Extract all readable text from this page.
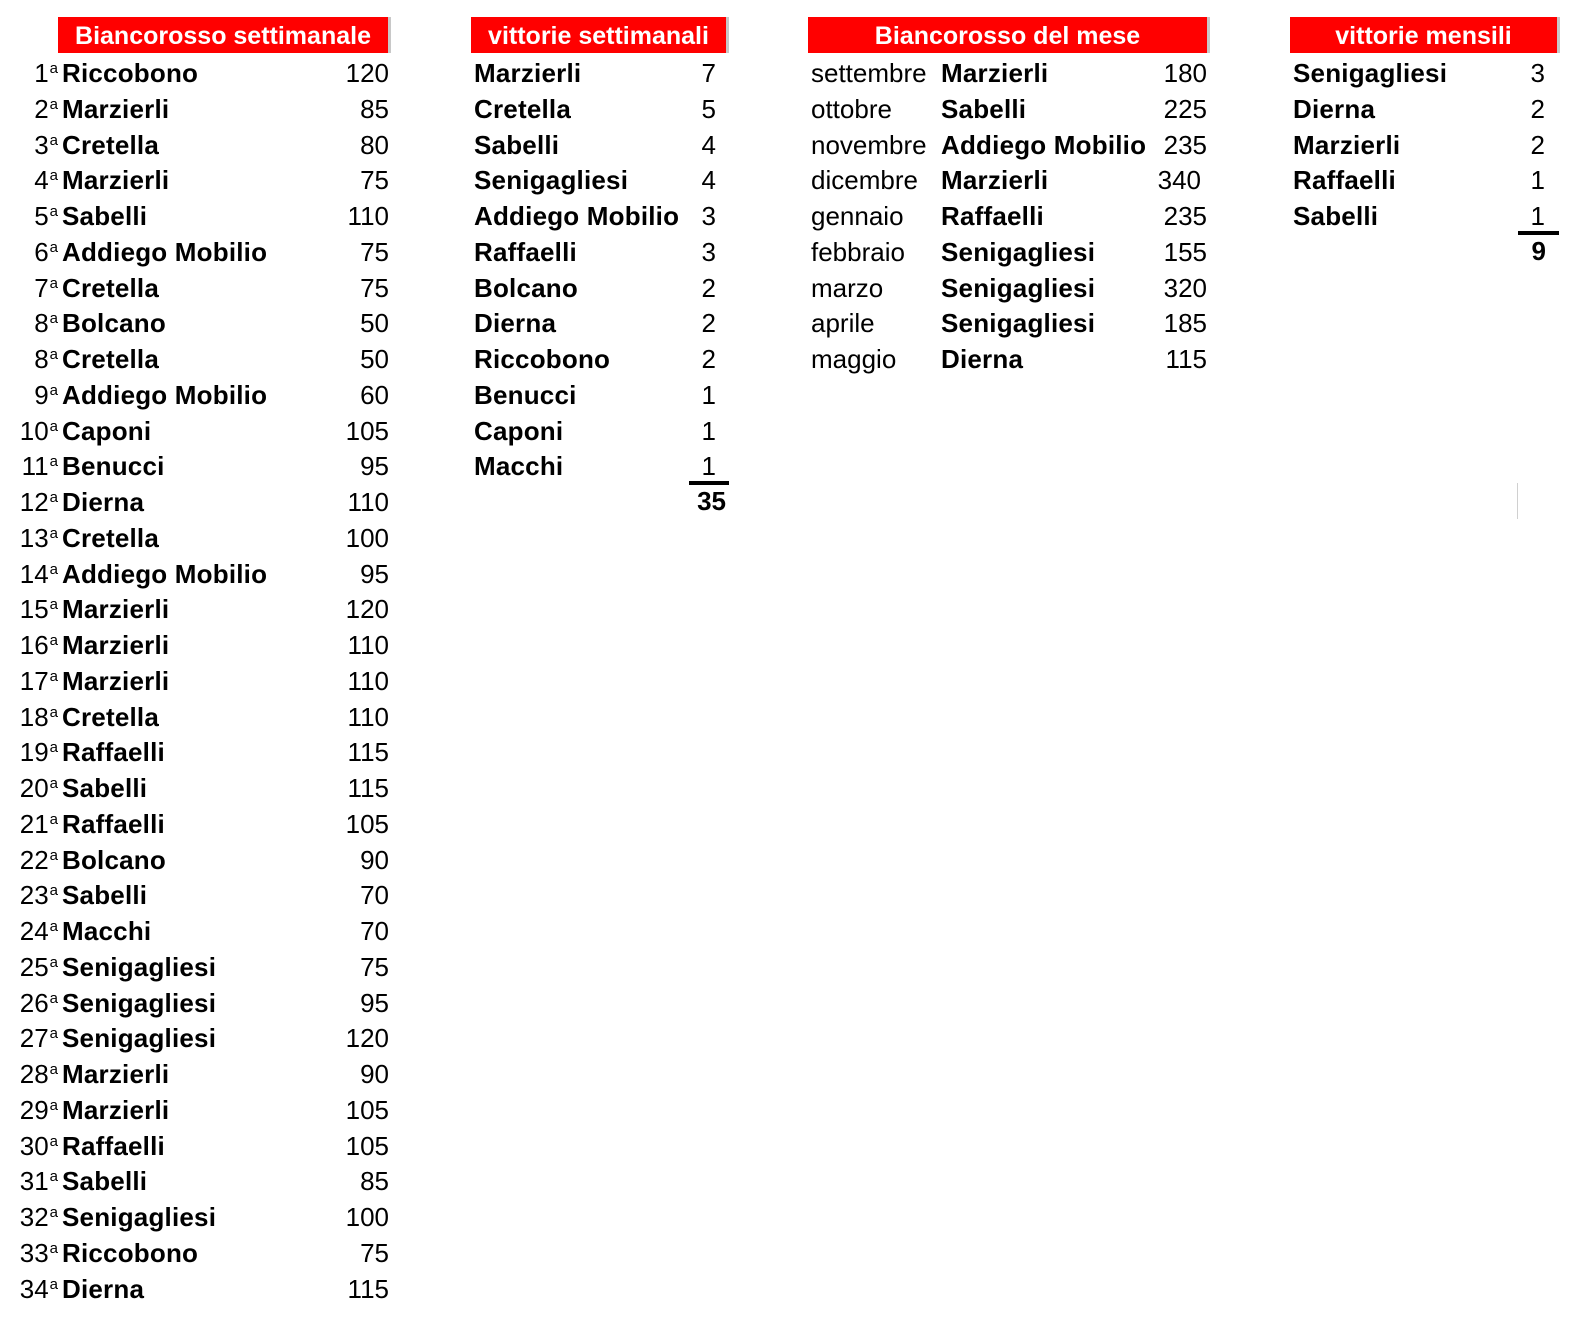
Biancorosso settimanale	vittorie settimanali	Biancorosso del mese	vittorie mensili
1$^a$ Riccobono	120
2$^a$ Marzierli	85
3$^a$ Cretella	80
4$^a$ Marzierli	75
5$^a$ Sabelli	110
6$^a$ Addiego Mobilio	75
7$^a$ Cretella	75
8$^a$ Bolcano	50
8$^a$ Cretella	50
9$^a$ Addiego Mobilio	60
10$^a$ Caponi	105
11$^a$ Benucci	95
12$^a$ Dierna	110
13$^a$ Cretella	100
14$^a$ Addiego Mobilio	95
15$^a$ Marzierli	120
16$^a$ Marzierli	110
17$^a$ Marzierli	110
18$^a$ Cretella	110
19$^a$ Raffaelli	115
20$^a$ Sabelli	115
21$^a$ Raffaelli	105
22$^a$ Bolcano	90
23$^a$ Sabelli	70
24$^a$ Macchi	70
25$^a$ Senigagliesi	75
26$^a$ Senigagliesi	95
27$^a$ Senigagliesi	120
28$^a$ Marzierli	90
29$^a$ Marzierli	105
30$^a$ Raffaelli	105
31$^a$ Sabelli	85
32$^a$ Senigagliesi	100
33$^a$ Riccobono	75
34$^a$ Dierna	115
Marzierli	7
Cretella	5
Sabelli	4
Senigagliesi	4
Addiego Mobilio 3
Raffaelli	3
Bolcano	2
Dierna	2
Riccobono	2
Benucci	1
Caponi	1
Macchi	1
35
settembre Marzierli	180
ottobre Sabelli	225
novembre Addiego Mobilio 235
dicembre Marzierli	340
gennaio Raffaelli	235
febbraio Senigagliesi	155
marzo Senigagliesi	320
aprile	Senigagliesi	185
maggio Dierna	115
Senigagliesi	3
Dierna	2
Marzierli	2
Raffaelli	1
Sabelli	1
9
